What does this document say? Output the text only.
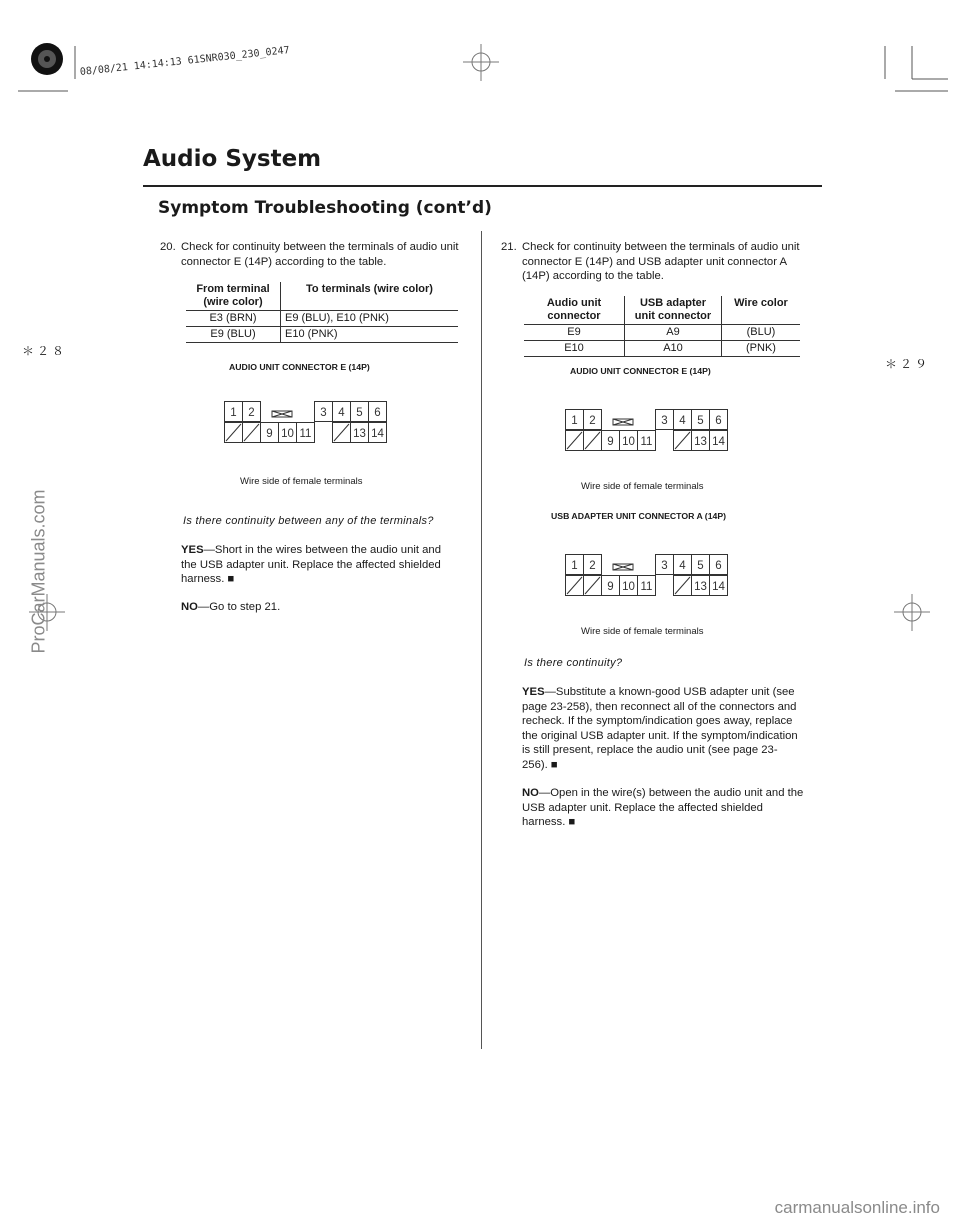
08/08/21 14:14:13 61SNR030_230_0247
Audio System
Symptom Troubleshooting (cont’d)
＊２８
＊２９
20. Check for continuity between the terminals of audio unit connector E (14P) according to the table.
From terminal (wire color)	To terminals (wire color)
E3 (BRN)	E9 (BLU), E10 (PNK)
E9 (BLU)	E10 (PNK)
AUDIO UNIT CONNECTOR E (14P)
1 2	3 4 5 6
9 10 11	13 14
Wire side of female terminals
Is there continuity between any of the terminals?
YES—Short in the wires between the audio unit and the USB adapter unit. Replace the affected shielded harness. ■
NO—Go to step 21.
21. Check for continuity between the terminals of audio unit connector E (14P) and USB adapter unit connector A (14P) according to the table.
Audio unit connector	USB adapter unit connector	Wire color
E9	A9	(BLU)
E10	A10	(PNK)
AUDIO UNIT CONNECTOR E (14P)
1 2	3 4 5 6
9 10 11	13 14
Wire side of female terminals
USB ADAPTER UNIT CONNECTOR A (14P)
1 2	3 4 5 6
9 10 11	13 14
Wire side of female terminals
Is there continuity?
YES—Substitute a known-good USB adapter unit (see page 23-258), then reconnect all of the connectors and recheck. If the symptom/indication goes away, replace the original USB adapter unit. If the symptom/indication is still present, replace the audio unit (see page 23-256). ■
NO—Open in the wire(s) between the audio unit and the USB adapter unit. Replace the affected shielded harness. ■
ProCarManuals.com
carmanualsonline.info
